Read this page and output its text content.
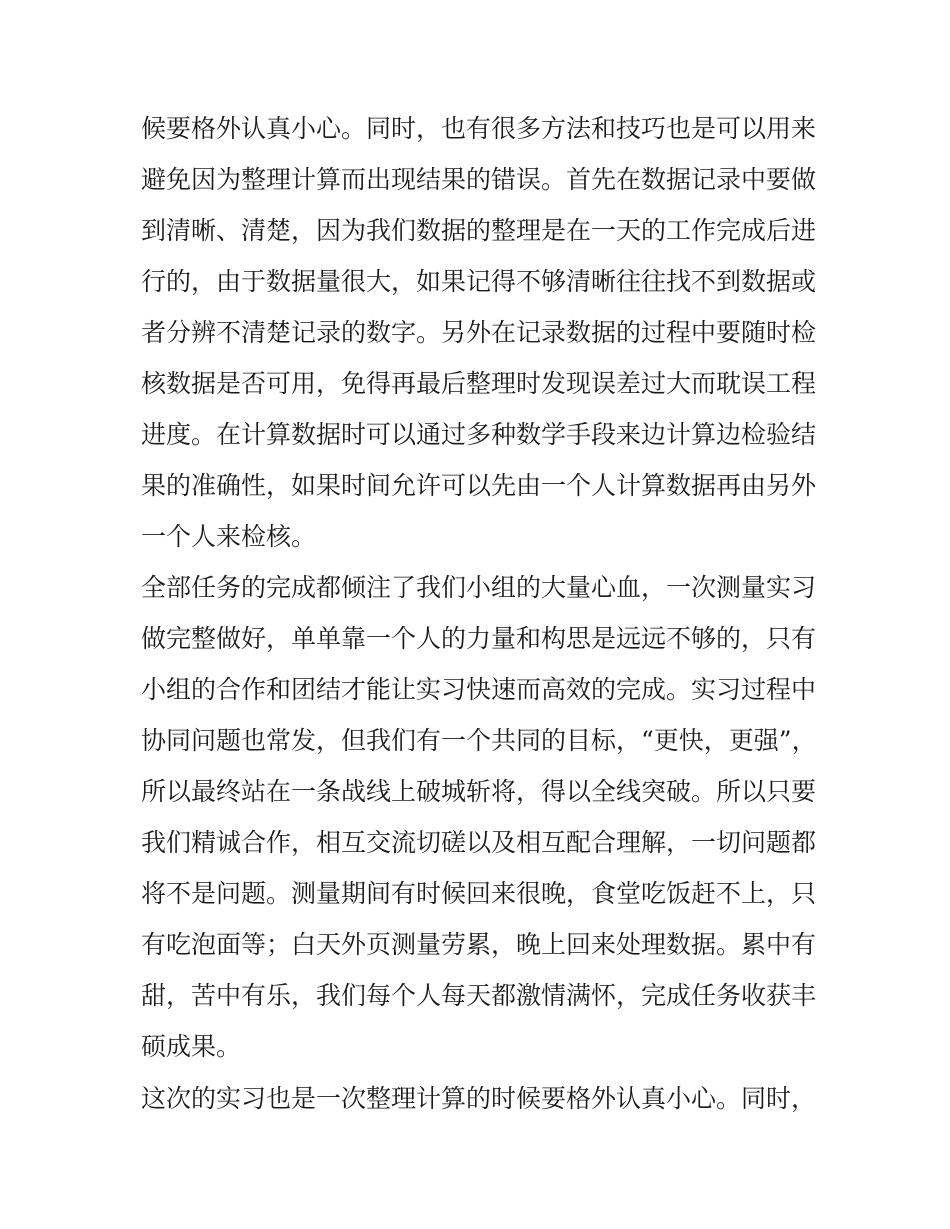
候要格外认真小心。同时，也有很多方法和技巧也是可以用来
避免因为整理计算而出现结果的错误。首先在数据记录中要做
到清晰、清楚，因为我们数据的整理是在一天的工作完成后进
行的，由于数据量很大，如果记得不够清晰往往找不到数据或
者分辨不清楚记录的数字。另外在记录数据的过程中要随时检
核数据是否可用，免得再最后整理时发现误差过大而耽误工程
进度。在计算数据时可以通过多种数学手段来边计算边检验结
果的准确性，如果时间允许可以先由一个人计算数据再由另外
一个人来检核。
全部任务的完成都倾注了我们小组的大量心血，一次测量实习
做完整做好，单单靠一个人的力量和构思是远远不够的，只有
小组的合作和团结才能让实习快速而高效的完成。实习过程中
协同问题也常发，但我们有一个共同的目标，“更快，更强”，
所以最终站在一条战线上破城斩将，得以全线突破。所以只要
我们精诚合作，相互交流切磋以及相互配合理解，一切问题都
将不是问题。测量期间有时候回来很晚，食堂吃饭赶不上，只
有吃泡面等；白天外页测量劳累，晚上回来处理数据。累中有
甜，苦中有乐，我们每个人每天都激情满怀，完成任务收获丰
硕成果。
这次的实习也是一次整理计算的时候要格外认真小心。同时，
